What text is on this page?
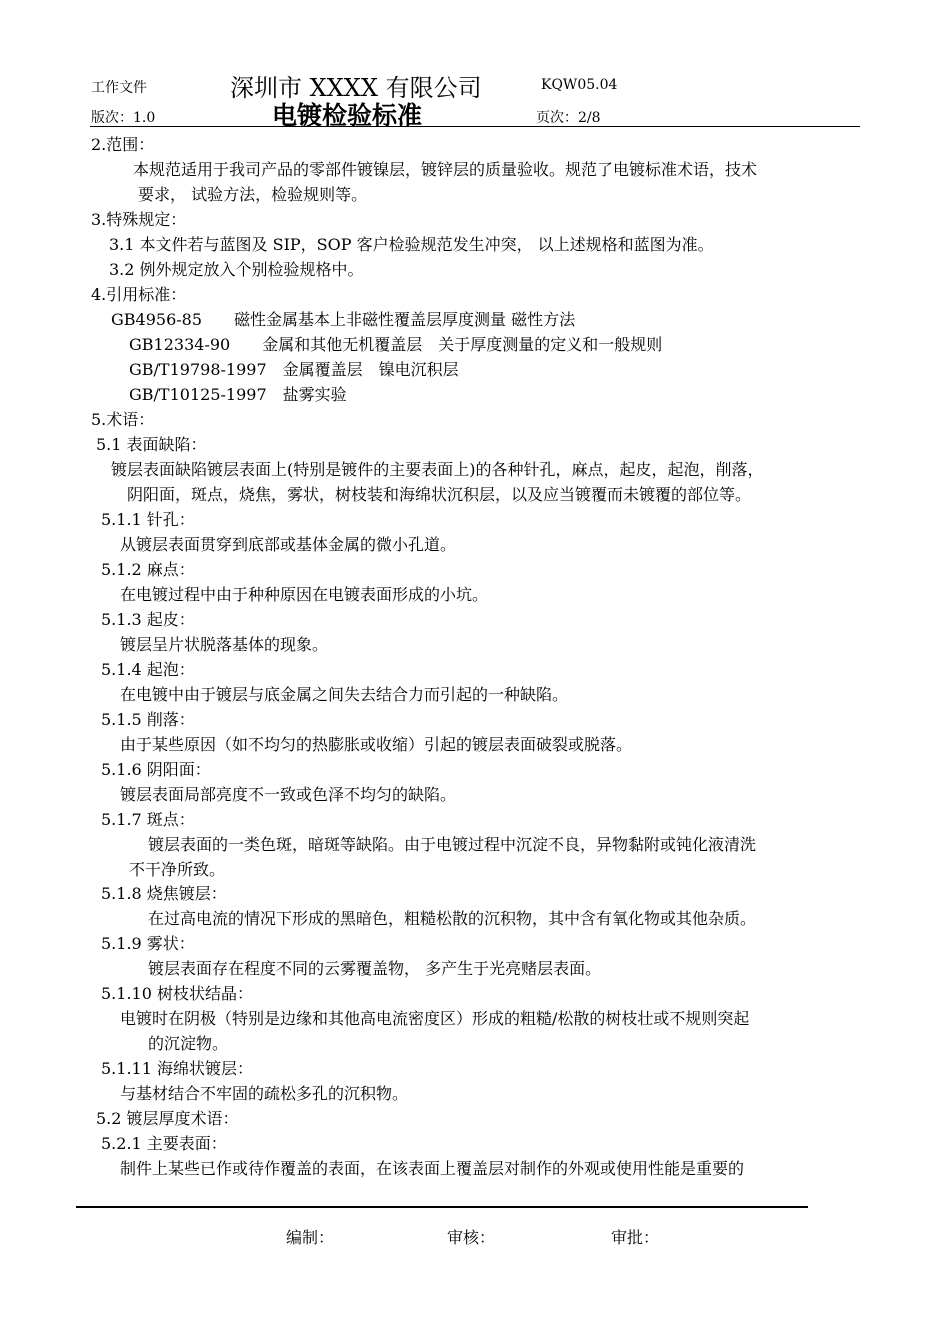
工作文件	深圳市 XXXX 有限公司	KQW05.04
版次：1.0	电镀检验标准	页次：2/8
2.范围：
本规范适用于我司产品的零部件镀镍层，镀锌层的质量验收。规范了电镀标准术语，技术
要求， 试验方法，检验规则等。
3.特殊规定：
3.1 本文件若与蓝图及 SIP，SOP 客户检验规范发生冲突， 以上述规格和蓝图为准。
3.2 例外规定放入个别检验规格中。
4.引用标准：
GB4956-85　　磁性金属基本上非磁性覆盖层厚度测量 磁性方法
GB12334-90　　金属和其他无机覆盖层　关于厚度测量的定义和一般规则
GB/T19798-1997　金属覆盖层　镍电沉积层
GB/T10125-1997　盐雾实验
5.术语：
5.1 表面缺陷：
镀层表面缺陷镀层表面上(特别是镀件的主要表面上)的各种针孔，麻点，起皮，起泡，削落，
阴阳面，斑点，烧焦，雾状，树枝装和海绵状沉积层，以及应当镀覆而未镀覆的部位等。
5.1.1 针孔：
从镀层表面贯穿到底部或基体金属的微小孔道。
5.1.2 麻点：
在电镀过程中由于种种原因在电镀表面形成的小坑。
5.1.3 起皮：
镀层呈片状脱落基体的现象。
5.1.4 起泡：
在电镀中由于镀层与底金属之间失去结合力而引起的一种缺陷。
5.1.5 削落：
由于某些原因（如不均匀的热膨胀或收缩）引起的镀层表面破裂或脱落。
5.1.6 阴阳面：
镀层表面局部亮度不一致或色泽不均匀的缺陷。
5.1.7 斑点：
镀层表面的一类色斑，暗斑等缺陷。由于电镀过程中沉淀不良，异物黏附或钝化液清洗
不干净所致。
5.1.8 烧焦镀层：
在过高电流的情况下形成的黑暗色，粗糙松散的沉积物，其中含有氧化物或其他杂质。
5.1.9 雾状：
镀层表面存在程度不同的云雾覆盖物， 多产生于光亮赌层表面。
5.1.10 树枝状结晶：
电镀时在阴极（特别是边缘和其他高电流密度区）形成的粗糙/松散的树枝壮或不规则突起
的沉淀物。
5.1.11 海绵状镀层：
与基材结合不牢固的疏松多孔的沉积物。
5.2 镀层厚度术语：
5.2.1 主要表面：
制件上某些已作或待作覆盖的表面，在该表面上覆盖层对制作的外观或使用性能是重要的
编制：	审核：	审批：
